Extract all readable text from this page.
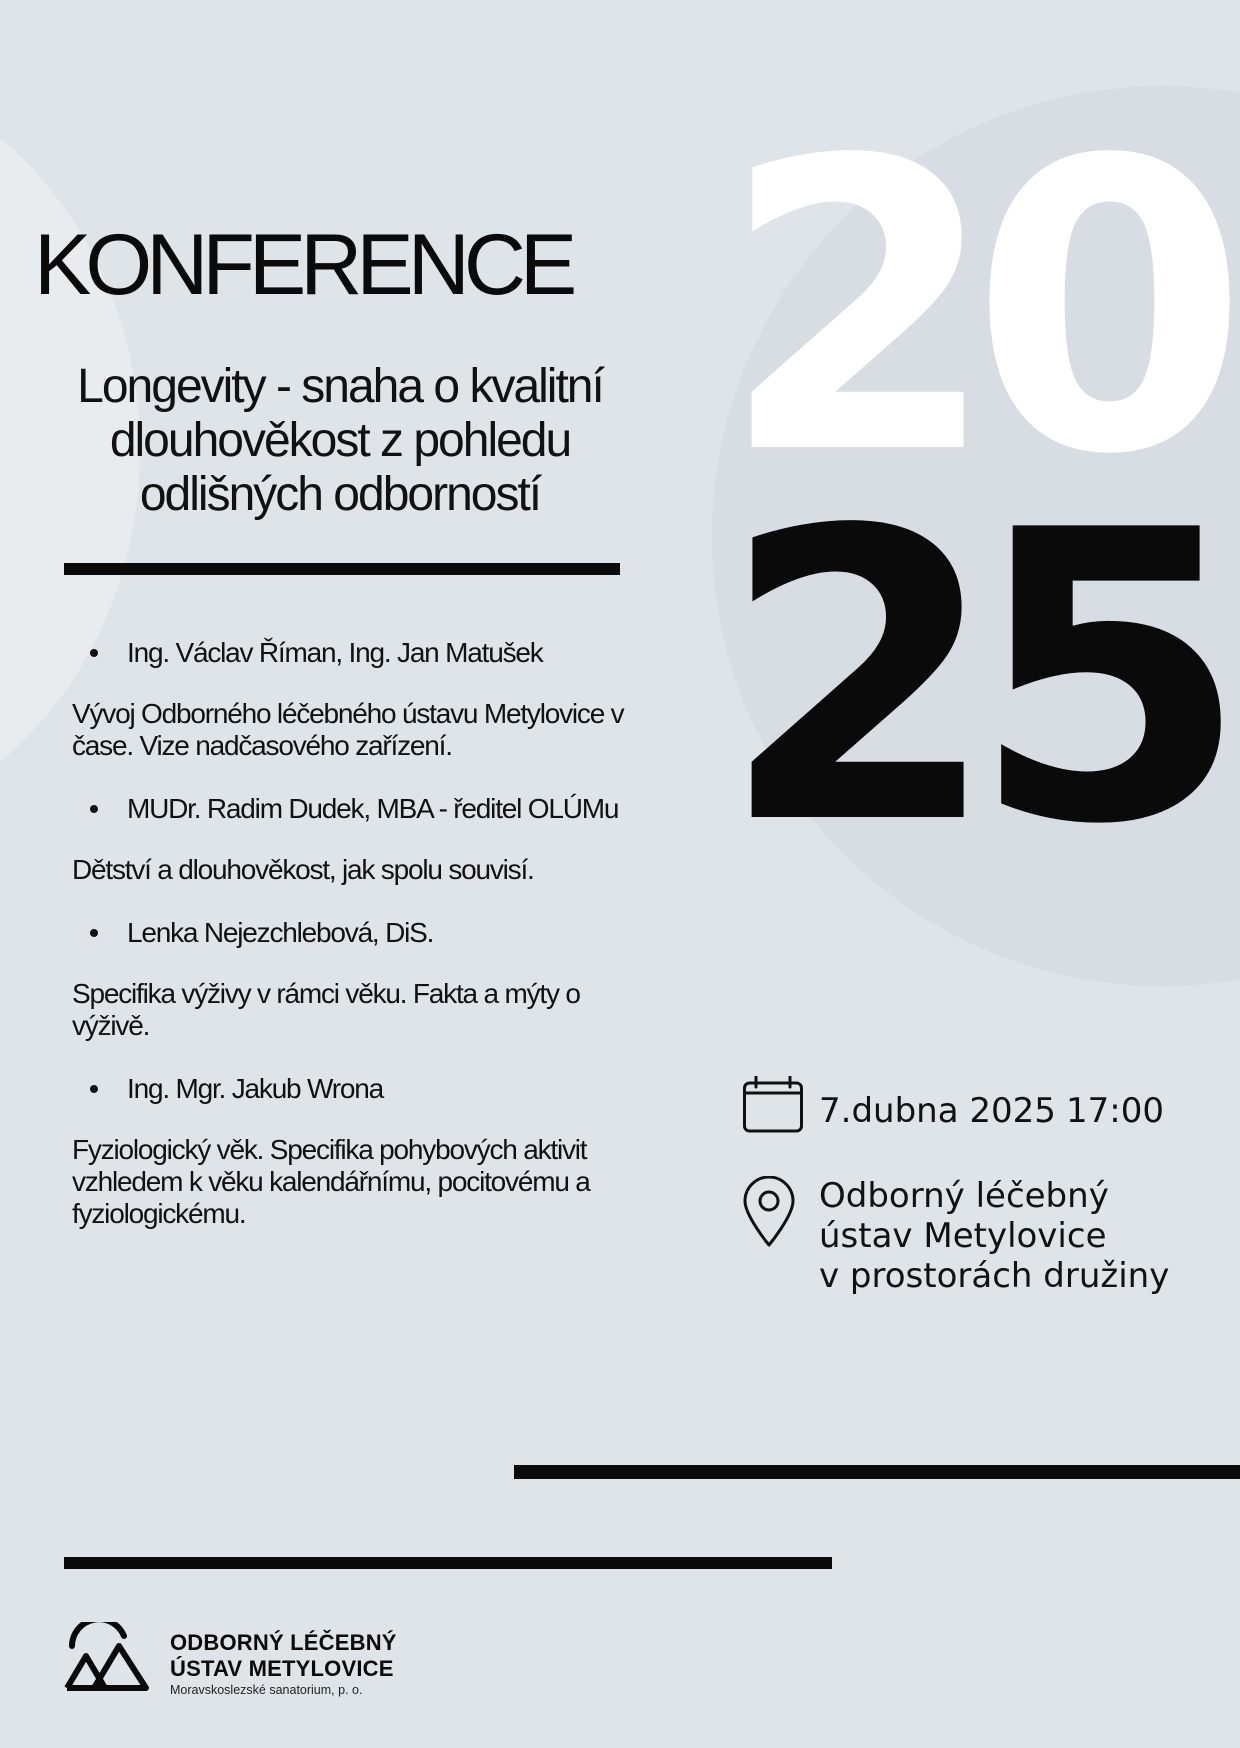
20
25
KONFERENCE
Longevity - snaha o kvalitní
dlouhověkost z pohledu
odlišných odborností
Ing. Václav Říman, Ing. Jan Matušek
Vývoj Odborného léčebného ústavu Metylovice v
čase. Vize nadčasového zařízení.
MUDr. Radim Dudek, MBA - ředitel OLÚMu
Dětství a dlouhověkost, jak spolu souvisí.
Lenka Nejezchlebová, DiS.
Specifika výživy v rámci věku. Fakta a mýty o
výživě.
Ing. Mgr. Jakub Wrona
Fyziologický věk. Specifika pohybových aktivit
vzhledem k věku kalendářnímu, pocitovému a
fyziologickému.
7.dubna 2025 17:00
Odborný léčebný
ústav Metylovice
v prostorách družiny
ODBORNÝ LÉČEBNÝ
ÚSTAV METYLOVICE
Moravskoslezské sanatorium, p. o.
